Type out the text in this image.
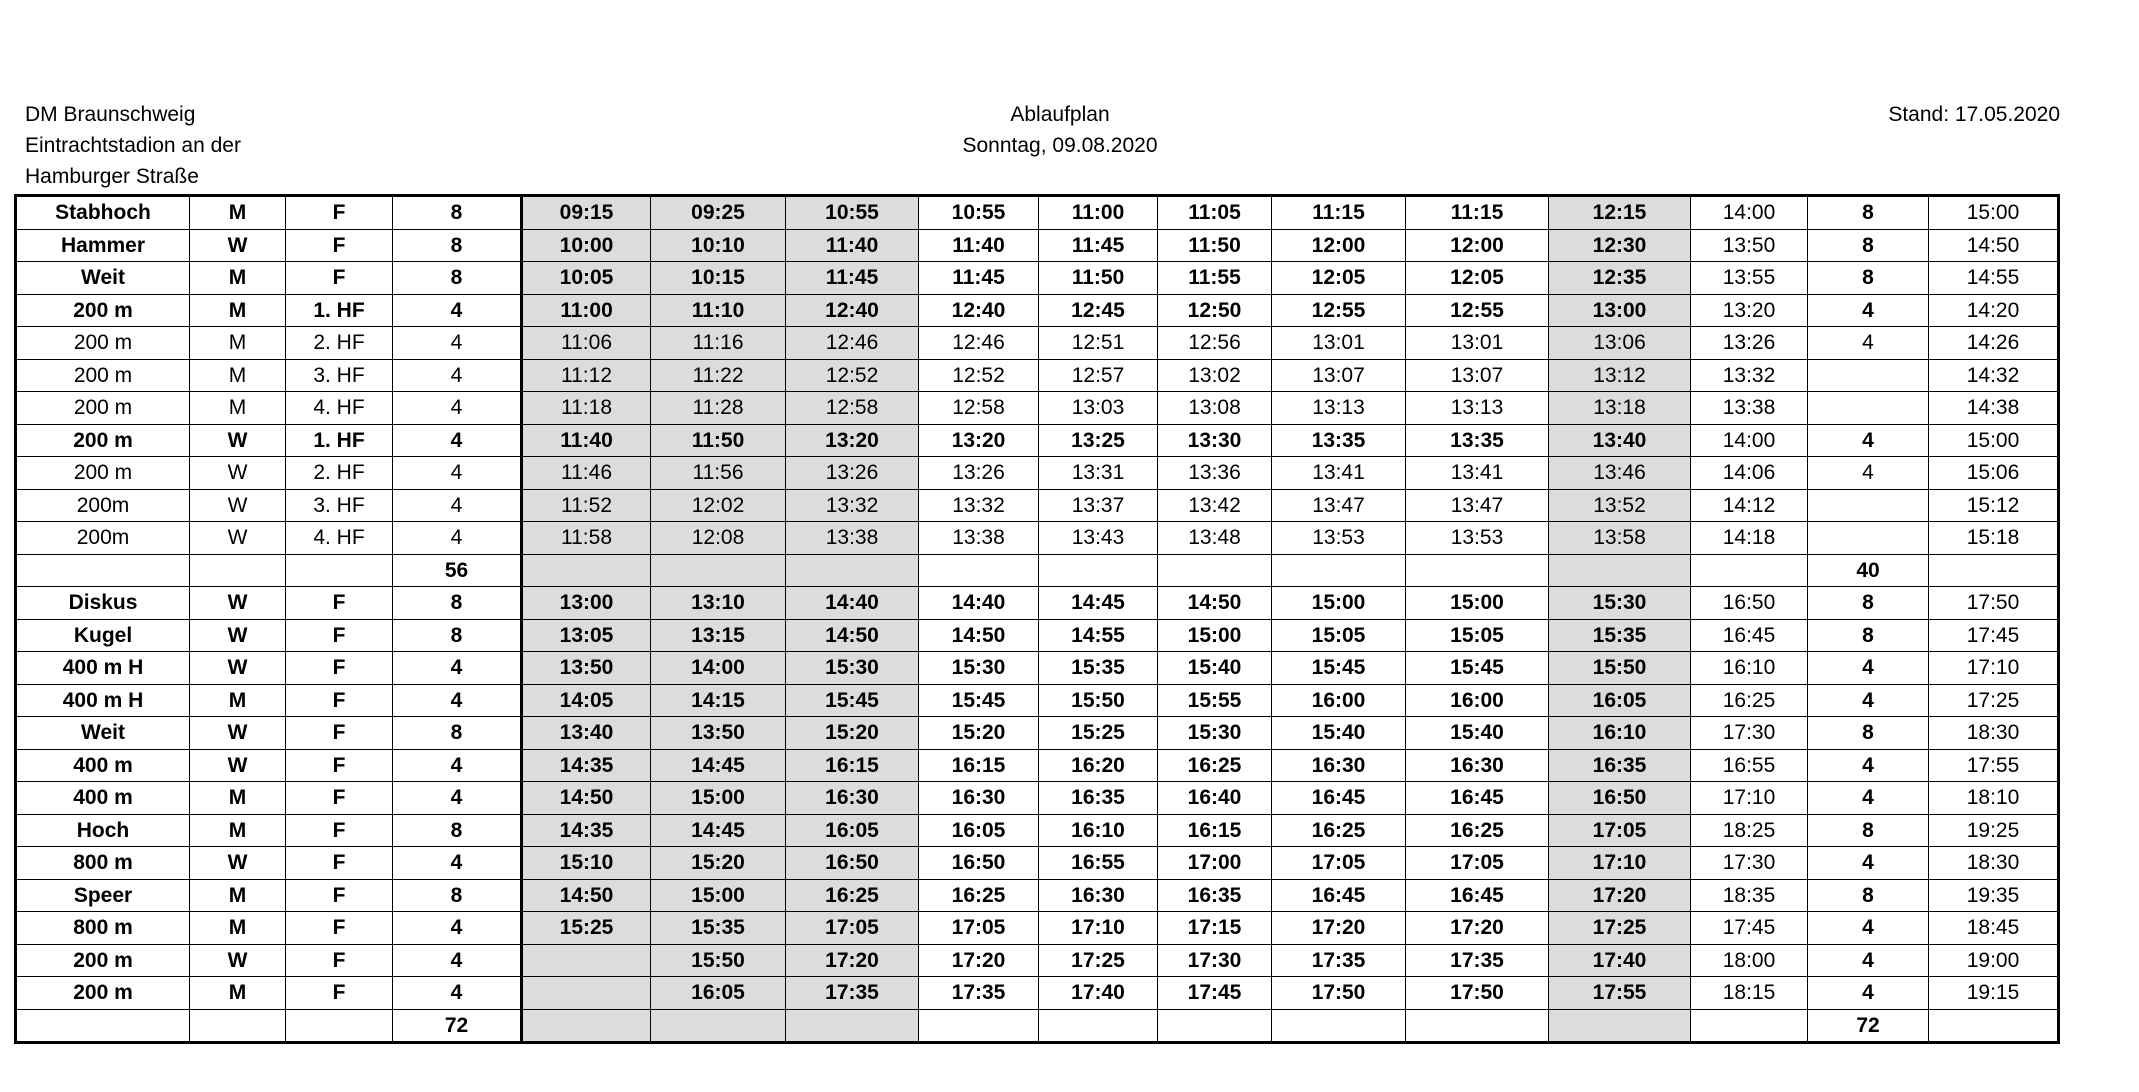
DM Braunschweig
Eintrachtstadion an der
Hamburger Straße
Ablaufplan
Sonntag, 09.08.2020
Stand: 17.05.2020
Stabhoch	M	F	8	09:15	09:25	10:55	10:55	11:00	11:05	11:15	11:15	12:15	14:00	8	15:00
Hammer	W	F	8	10:00	10:10	11:40	11:40	11:45	11:50	12:00	12:00	12:30	13:50	8	14:50
Weit	M	F	8	10:05	10:15	11:45	11:45	11:50	11:55	12:05	12:05	12:35	13:55	8	14:55
200 m	M	1. HF	4	11:00	11:10	12:40	12:40	12:45	12:50	12:55	12:55	13:00	13:20	4	14:20
200 m	M	2. HF	4	11:06	11:16	12:46	12:46	12:51	12:56	13:01	13:01	13:06	13:26	4	14:26
200 m	M	3. HF	4	11:12	11:22	12:52	12:52	12:57	13:02	13:07	13:07	13:12	13:32		14:32
200 m	M	4. HF	4	11:18	11:28	12:58	12:58	13:03	13:08	13:13	13:13	13:18	13:38		14:38
200 m	W	1. HF	4	11:40	11:50	13:20	13:20	13:25	13:30	13:35	13:35	13:40	14:00	4	15:00
200 m	W	2. HF	4	11:46	11:56	13:26	13:26	13:31	13:36	13:41	13:41	13:46	14:06	4	15:06
200m	W	3. HF	4	11:52	12:02	13:32	13:32	13:37	13:42	13:47	13:47	13:52	14:12		15:12
200m	W	4. HF	4	11:58	12:08	13:38	13:38	13:43	13:48	13:53	13:53	13:58	14:18		15:18
			56											40	
Diskus	W	F	8	13:00	13:10	14:40	14:40	14:45	14:50	15:00	15:00	15:30	16:50	8	17:50
Kugel	W	F	8	13:05	13:15	14:50	14:50	14:55	15:00	15:05	15:05	15:35	16:45	8	17:45
400 m H	W	F	4	13:50	14:00	15:30	15:30	15:35	15:40	15:45	15:45	15:50	16:10	4	17:10
400 m H	M	F	4	14:05	14:15	15:45	15:45	15:50	15:55	16:00	16:00	16:05	16:25	4	17:25
Weit	W	F	8	13:40	13:50	15:20	15:20	15:25	15:30	15:40	15:40	16:10	17:30	8	18:30
400 m	W	F	4	14:35	14:45	16:15	16:15	16:20	16:25	16:30	16:30	16:35	16:55	4	17:55
400 m	M	F	4	14:50	15:00	16:30	16:30	16:35	16:40	16:45	16:45	16:50	17:10	4	18:10
Hoch	M	F	8	14:35	14:45	16:05	16:05	16:10	16:15	16:25	16:25	17:05	18:25	8	19:25
800 m	W	F	4	15:10	15:20	16:50	16:50	16:55	17:00	17:05	17:05	17:10	17:30	4	18:30
Speer	M	F	8	14:50	15:00	16:25	16:25	16:30	16:35	16:45	16:45	17:20	18:35	8	19:35
800 m	M	F	4	15:25	15:35	17:05	17:05	17:10	17:15	17:20	17:20	17:25	17:45	4	18:45
200 m	W	F	4		15:50	17:20	17:20	17:25	17:30	17:35	17:35	17:40	18:00	4	19:00
200 m	M	F	4		16:05	17:35	17:35	17:40	17:45	17:50	17:50	17:55	18:15	4	19:15
			72											72	
